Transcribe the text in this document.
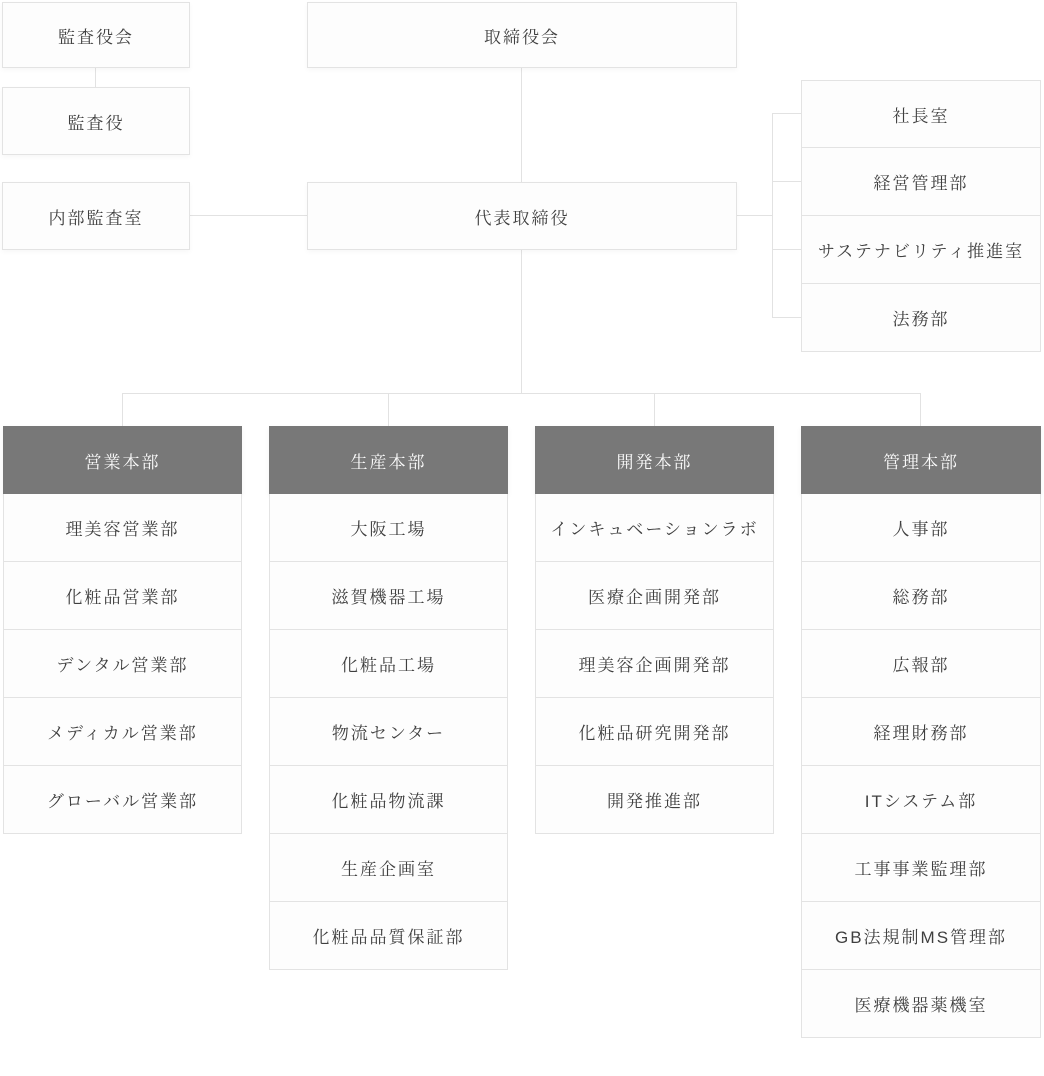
監査役会
監査役
内部監査室
取締役会
代表取締役
社長室
経営管理部
サステナビリティ推進室
法務部
営業本部
理美容営業部
化粧品営業部
デンタル営業部
メディカル営業部
グローバル営業部
生産本部
大阪工場
滋賀機器工場
化粧品工場
物流センター
化粧品物流課
生産企画室
化粧品品質保証部
開発本部
インキュベーションラボ
医療企画開発部
理美容企画開発部
化粧品研究開発部
開発推進部
管理本部
人事部
総務部
広報部
経理財務部
ITシステム部
工事事業監理部
GB法規制MS管理部
医療機器薬機室
